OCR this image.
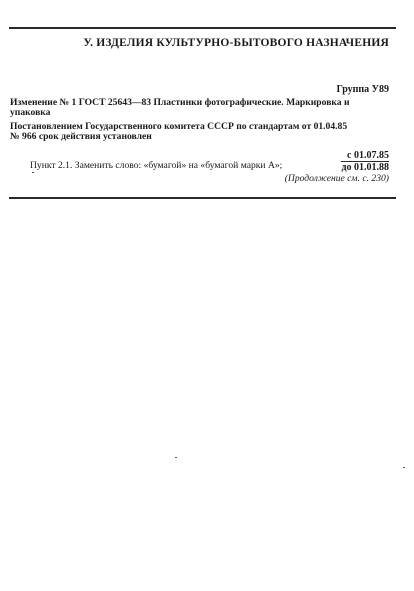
У. ИЗДЕЛИЯ КУЛЬТУРНО-БЫТОВОГО НАЗНАЧЕНИЯ
Группа У89
Изменение № 1 ГОСТ 25643—83 Пластинки фотографические. Маркировка и
упаковка
Постановлением Государственного комитета СССР по стандартам от 01.04.85
№ 966 срок действия установлен
с 01.07.85
до 01.01.88
Пункт 2.1. Заменить слово: «бумагой» на «бумагой марки А»;
(Продолжение см. с. 230)
